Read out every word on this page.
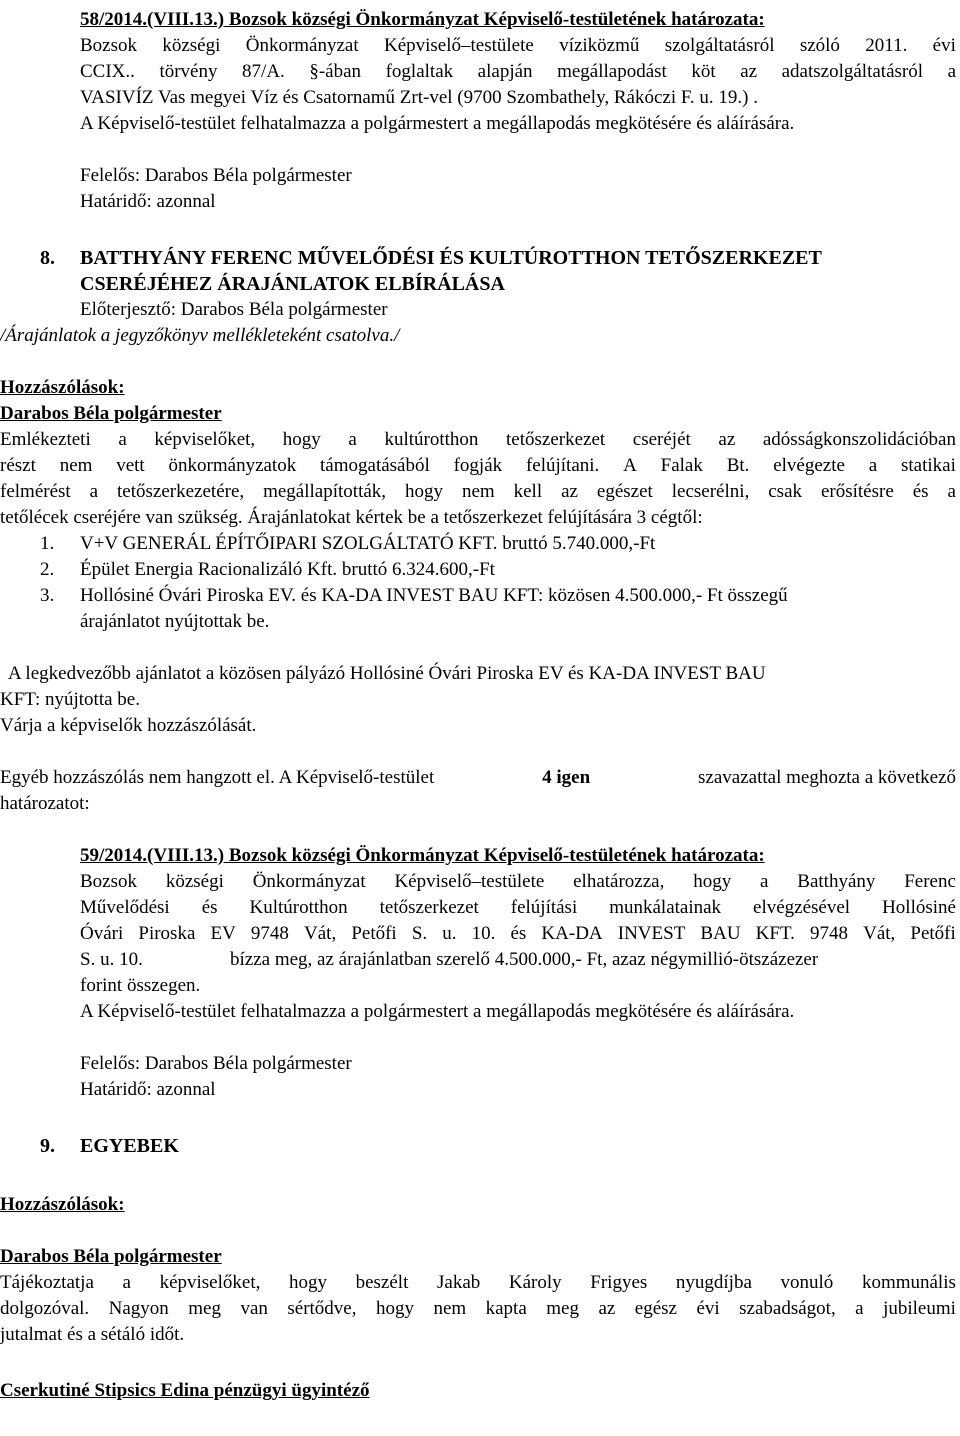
58/2014.(VIII.13.) Bozsok községi Önkormányzat Képviselő-testületének határozata:
Bozsok községi Önkormányzat Képviselő–testülete víziközmű szolgáltatásról szóló 2011. évi
CCIX.. törvény 87/A. §-ában foglaltak alapján megállapodást köt az adatszolgáltatásról a
VASIVÍZ Vas megyei Víz és Csatornamű Zrt-vel (9700 Szombathely, Rákóczi F. u. 19.) .
A Képviselő-testület felhatalmazza a polgármestert a megállapodás megkötésére és aláírására.
Felelős: Darabos Béla polgármester
Határidő: azonnal
8. BATTHYÁNY FERENC MŰVELŐDÉSI ÉS KULTÚROTTHON TETŐSZERKEZET
CSERÉJÉHEZ ÁRAJÁNLATOK ELBÍRÁLÁSA
Előterjesztő: Darabos Béla polgármester
/Árajánlatok a jegyzőkönyv mellékleteként csatolva./
Hozzászólások:
Darabos Béla polgármester
Emlékezteti a képviselőket, hogy a kultúrotthon tetőszerkezet cseréjét az adósságkonszolidációban
részt nem vett önkormányzatok támogatásából fogják felújítani. A Falak Bt. elvégezte a statikai
felmérést a tetőszerkezetére, megállapították, hogy nem kell az egészet lecserélni, csak erősítésre és a
tetőlécek cseréjére van szükség. Árajánlatokat kértek be a tetőszerkezet felújítására 3 cégtől:
1. V+V GENERÁL ÉPÍTŐIPARI SZOLGÁLTATÓ KFT. bruttó 5.740.000,-Ft
2. Épület Energia Racionalizáló Kft. bruttó 6.324.600,-Ft
3. Hollósiné Óvári Piroska EV. és KA-DA INVEST BAU KFT: közösen 4.500.000,- Ft összegű
árajánlatot nyújtottak be.
A legkedvezőbb ajánlatot a közösen pályázó Hollósiné Óvári Piroska EV és KA-DA INVEST BAU
KFT: nyújtotta be.
Várja a képviselők hozzászólását.
Egyéb hozzászólás nem hangzott el. A Képviselő-testület	4 igen	szavazattal meghozta a következő
határozatot:
59/2014.(VIII.13.) Bozsok községi Önkormányzat Képviselő-testületének határozata:
Bozsok községi Önkormányzat Képviselő–testülete elhatározza, hogy a Batthyány Ferenc
Művelődési és Kultúrotthon tetőszerkezet felújítási munkálatainak elvégzésével Hollósiné
Óvári Piroska EV 9748 Vát, Petőfi S. u. 10. és KA-DA INVEST BAU KFT. 9748 Vát, Petőfi
S. u. 10.	bízza meg, az árajánlatban szerelő 4.500.000,- Ft, azaz négymillió-ötszázezer
forint összegen.
A Képviselő-testület felhatalmazza a polgármestert a megállapodás megkötésére és aláírására.
Felelős: Darabos Béla polgármester
Határidő: azonnal
9. EGYEBEK
Hozzászólások:
Darabos Béla polgármester
Tájékoztatja a képviselőket, hogy beszélt Jakab Károly Frigyes nyugdíjba vonuló kommunális
dolgozóval. Nagyon meg van sértődve, hogy nem kapta meg az egész évi szabadságot, a jubileumi
jutalmat és a sétáló időt.
Cserkutiné Stipsics Edina pénzügyi ügyintéző
